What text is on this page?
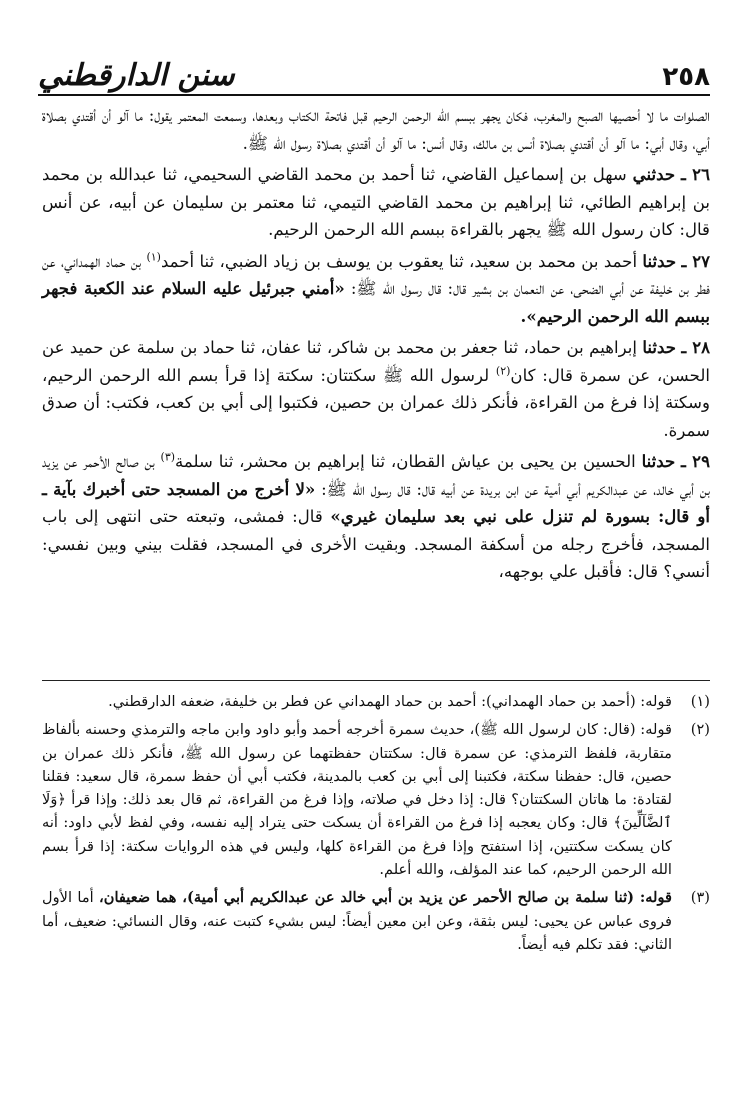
٢٥٨
سنن الدارقطني

الصلوات ما لا أحصيها الصبح والمغرب، فكان يجهر ببسم الله الرحمن الرحيم قبل فاتحة الكتاب وبعدها، وسمعت المعتمر يقول: ما آلو أن أقتدي بصلاة أبي، وقال أبي: ما آلو أن أقتدي بصلاة أنس بن مالك، وقال أنس: ما آلو أن أقتدي بصلاة رسول الله ﷺ.

٢٦ ـ حدثني سهل بن إسماعيل القاضي، ثنا أحمد بن محمد القاضي السحيمي، ثنا عبدالله بن محمد بن إبراهيم الطائي، ثنا إبراهيم بن محمد القاضي التيمي، ثنا معتمر بن سليمان عن أبيه، عن أنس قال: كان رسول الله ﷺ يجهر بالقراءة ببسم الله الرحمن الرحيم.

٢٧ ـ حدثنا أحمد بن محمد بن سعيد، ثنا يعقوب بن يوسف بن زياد الضبي، ثنا أحمد$^{(١)}$ بن حماد الهمداني، عن فطر بن خليفة عن أبي الضحى، عن النعمان بن بشير قال: قال رسول الله ﷺ: «أمني جبرئيل عليه السلام عند الكعبة فجهر ببسم الله الرحمن الرحيم».

٢٨ ـ حدثنا إبراهيم بن حماد، ثنا جعفر بن محمد بن شاكر، ثنا عفان، ثنا حماد بن سلمة عن حميد عن الحسن، عن سمرة قال: كان$^{(٢)}$ لرسول الله ﷺ سكتتان: سكتة إذا قرأ بسم الله الرحمن الرحيم، وسكتة إذا فرغ من القراءة، فأنكر ذلك عمران بن حصين، فكتبوا إلى أبي بن كعب، فكتب: أن صدق سمرة.

٢٩ ـ حدثنا الحسين بن يحيى بن عياش القطان، ثنا إبراهيم بن محشر، ثنا سلمة$^{(٣)}$ بن صالح الأحمر عن يزيد بن أبي خالد، عن عبدالكريم أبي أمية عن ابن بريدة عن أبيه قال: قال رسول الله ﷺ: «لا أخرج من المسجد حتى أخبرك بآية ـ أو قال: بسورة لم تنزل على نبي بعد سليمان غيري» قال: فمشى، وتبعته حتى انتهى إلى باب المسجد، فأخرج رجله من أسكفة المسجد. وبقيت الأخرى في المسجد، فقلت بيني وبين نفسي: أنسي؟ قال: فأقبل علي بوجهه،

(١)
قوله: (أحمد بن حماد الهمداني): أحمد بن حماد الهمداني عن فطر بن خليفة، ضعفه الدارقطني.
(٢)
قوله: (قال: كان لرسول الله ﷺ)، حديث سمرة أخرجه أحمد وأبو داود وابن ماجه والترمذي وحسنه بألفاظ متقاربة، فلفظ الترمذي: عن سمرة قال: سكتتان حفظتهما عن رسول الله ﷺ، فأنكر ذلك عمران بن حصين، قال: حفظنا سكتة، فكتبنا إلى أبي بن كعب بالمدينة، فكتب أبي أن حفظ سمرة، قال سعيد: فقلنا لقتادة: ما هاتان السكتتان؟ قال: إذا دخل في صلاته، وإذا فرغ من القراءة، ثم قال بعد ذلك: وإذا قرأ ﴿وَلَا ٱلضَّآلِّينَ﴾ قال: وكان يعجبه إذا فرغ من القراءة أن يسكت حتى يتراد إليه نفسه، وفي لفظ لأبي داود: أنه كان يسكت سكتتين، إذا استفتح وإذا فرغ من القراءة كلها، وليس في هذه الروايات سكتة: إذا قرأ بسم الله الرحمن الرحيم، كما عند المؤلف، والله أعلم.
(٣)
قوله: (ثنا سلمة بن صالح الأحمر عن يزيد بن أبي خالد عن عبدالكريم أبي أمية)، هما ضعيفان، أما الأول فروى عباس عن يحيى: ليس بثقة، وعن ابن معين أيضاً: ليس بشيء كتبت عنه، وقال النسائي: ضعيف، أما الثاني: فقد تكلم فيه أيضاً.
